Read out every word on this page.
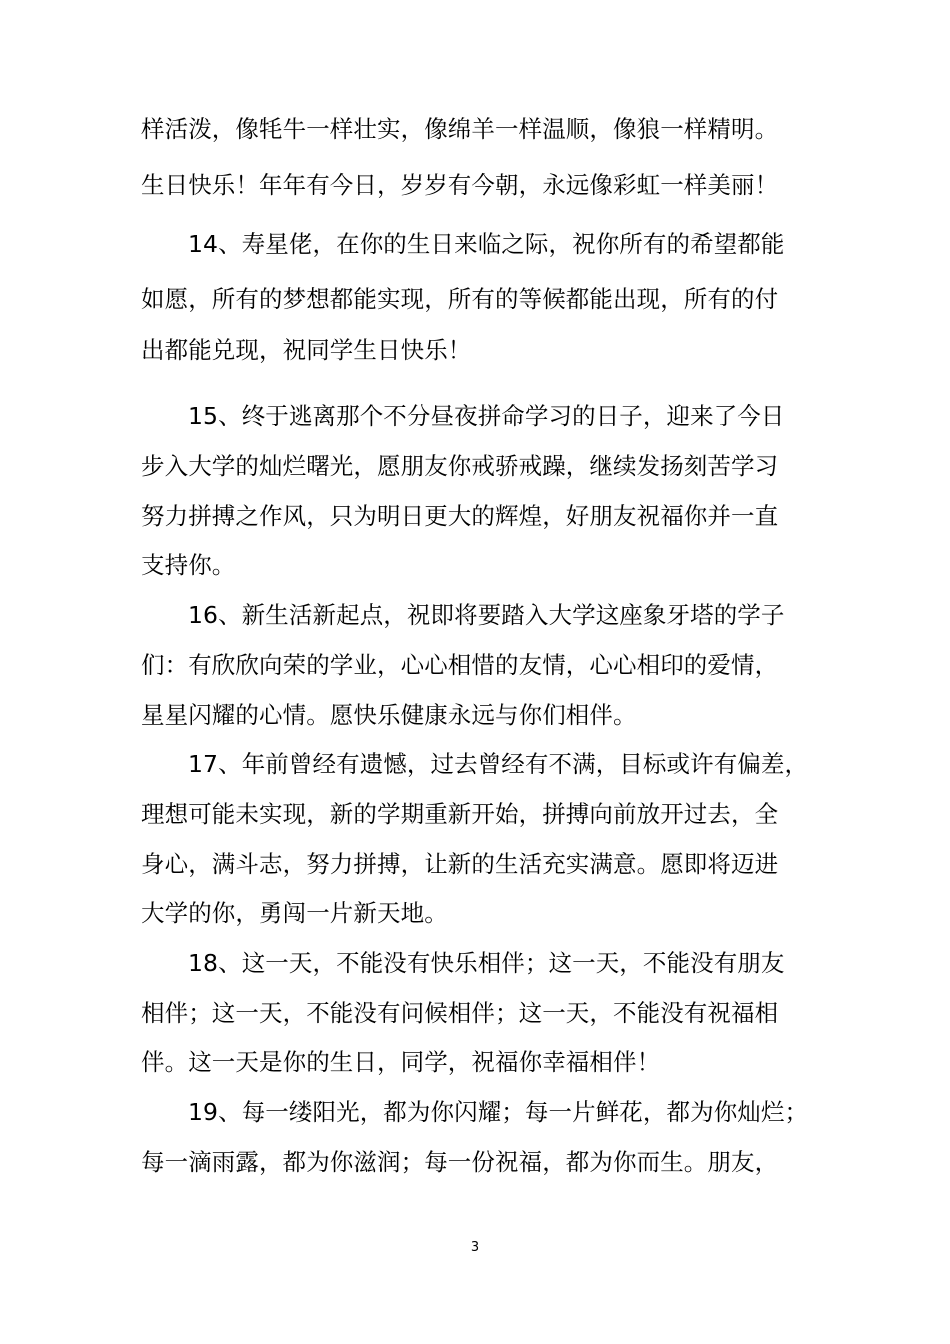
样活泼，像牦牛一样壮实，像绵羊一样温顺，像狼一样精明。
生日快乐！年年有今日，岁岁有今朝，永远像彩虹一样美丽！
14、寿星佬，在你的生日来临之际，祝你所有的希望都能
如愿，所有的梦想都能实现，所有的等候都能出现，所有的付
出都能兑现，祝同学生日快乐！
15、终于逃离那个不分昼夜拼命学习的日子，迎来了今日
步入大学的灿烂曙光，愿朋友你戒骄戒躁，继续发扬刻苦学习
努力拼搏之作风，只为明日更大的辉煌，好朋友祝福你并一直
支持你。
16、新生活新起点，祝即将要踏入大学这座象牙塔的学子
们：有欣欣向荣的学业，心心相惜的友情，心心相印的爱情，
星星闪耀的心情。愿快乐健康永远与你们相伴。
17、年前曾经有遗憾，过去曾经有不满，目标或许有偏差，
理想可能未实现，新的学期重新开始，拼搏向前放开过去，全
身心，满斗志，努力拼搏，让新的生活充实满意。愿即将迈进
大学的你，勇闯一片新天地。
18、这一天，不能没有快乐相伴；这一天，不能没有朋友
相伴；这一天，不能没有问候相伴；这一天，不能没有祝福相
伴。这一天是你的生日，同学，祝福你幸福相伴！
19、每一缕阳光，都为你闪耀；每一片鲜花，都为你灿烂；
每一滴雨露，都为你滋润；每一份祝福，都为你而生。朋友，
3
